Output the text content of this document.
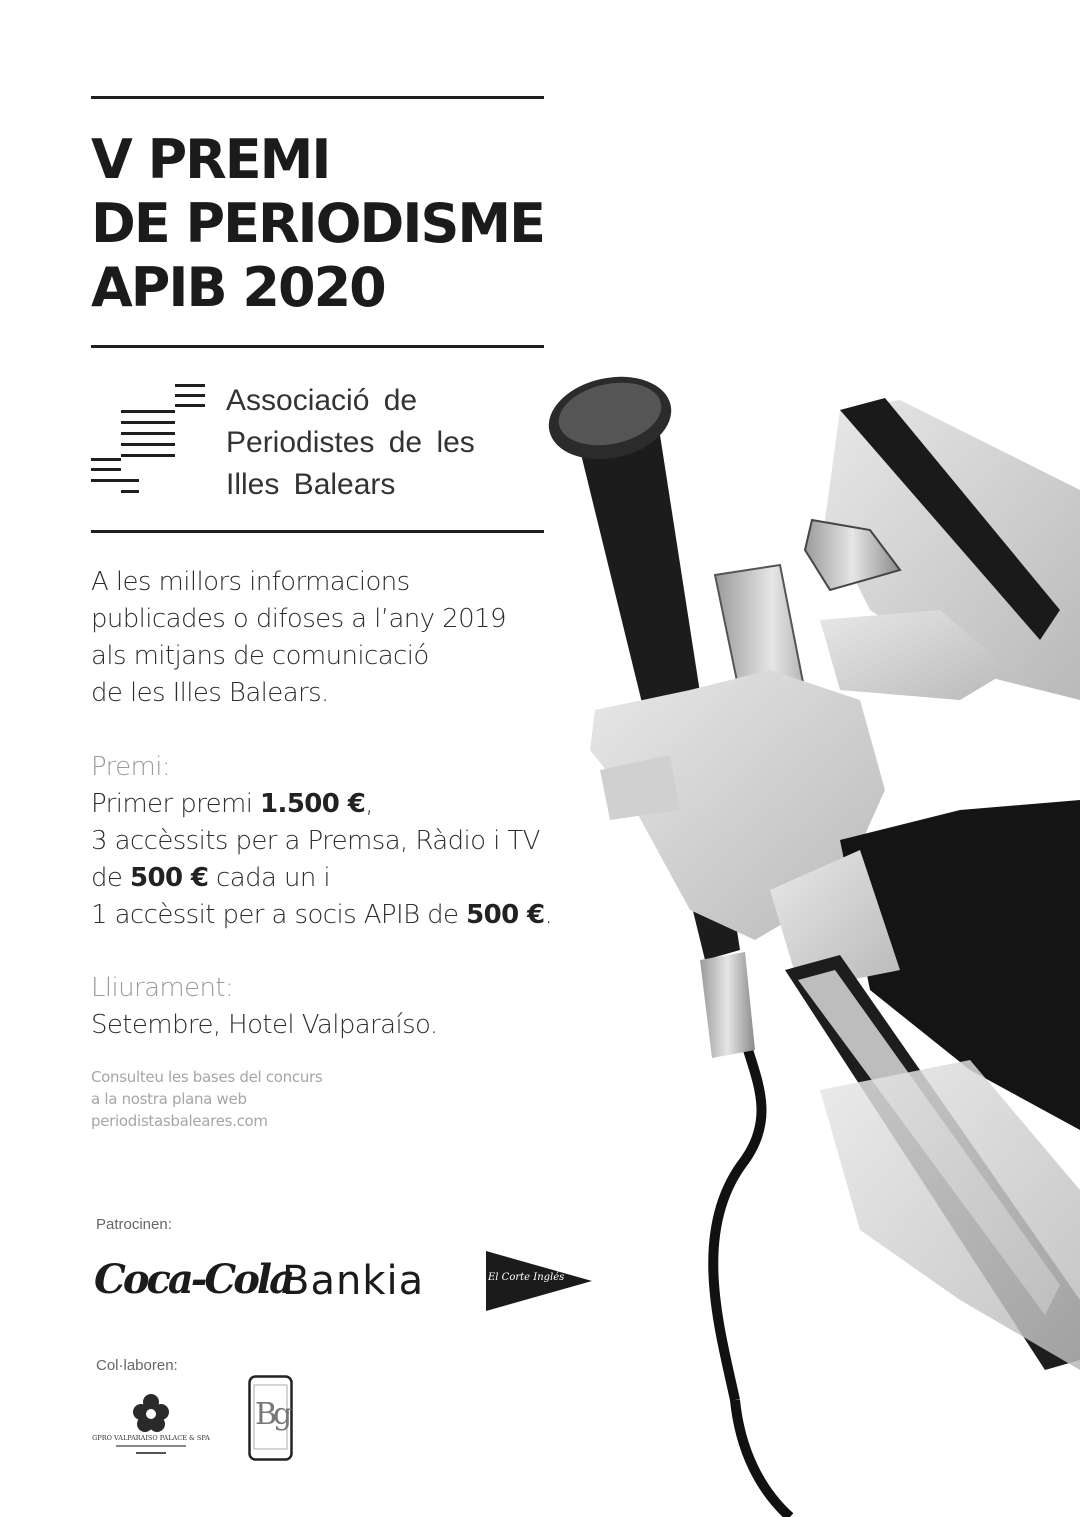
V PREMI
DE PERIODISME
APIB 2020
Associació de
Periodistes de les
Illes Balears
A les millors informacions
publicades o difoses a l’any 2019
als mitjans de comunicació
de les Illes Balears.
Premi:
Primer premi 1.500 €,
3 accèssits per a Premsa, Ràdio i TV
de 500 € cada un i
1 accèssit per a socis APIB de 500 €.
Lliurament:
Setembre, Hotel Valparaíso.
Consulteu les bases del concurs
a la nostra plana web
periodistasbaleares.com
Patrocinen:
Coca-Cola
Bankia	El Corte Inglés
Col·laboren:
GPRO VALPARAISO PALACE & SPA
Bg
